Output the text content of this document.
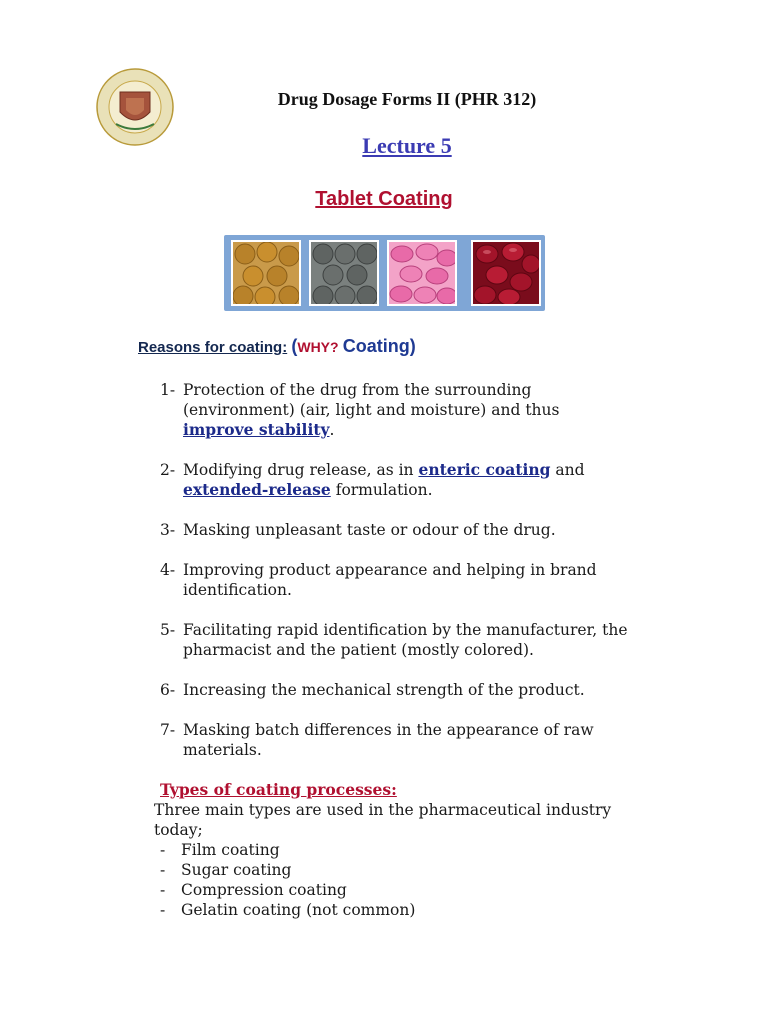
Drug Dosage Forms II (PHR 312)
Lecture 5
Tablet Coating
Reasons for coating: (WHY? Coating)
1- Protection of the drug from the surrounding (environment) (air, light and moisture) and thus improve stability.
2- Modifying drug release, as in enteric coating and extended-release formulation.
3- Masking unpleasant taste or odour of the drug.
4- Improving product appearance and helping in brand identification.
5- Facilitating rapid identification by the manufacturer, the pharmacist and the patient (mostly colored).
6- Increasing the mechanical strength of the product.
7- Masking batch differences in the appearance of raw materials.
Types of coating processes:
Three main types are used in the pharmaceutical industry today;
- Film coating
- Sugar coating
- Compression coating
- Gelatin coating (not common)
